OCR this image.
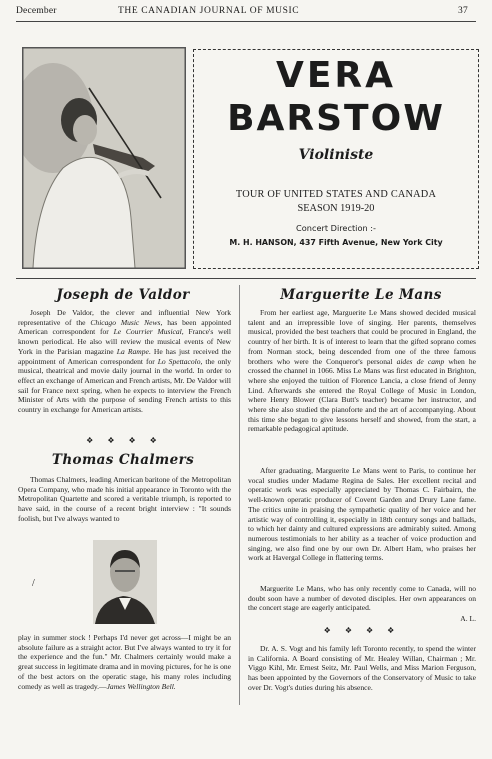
December	THE CANADIAN JOURNAL OF MUSIC	37
VERA
BARSTOW
Violiniste
TOUR OF UNITED STATES AND CANADA
SEASON 1919-20
Concert Direction :-
M. H. HANSON, 437 Fifth Avenue, New York City
Joseph de Valdor
Joseph De Valdor, the clever and influential New York representative of the Chicago Music News, has been appointed American correspondent for Le Courrier Musical, France's well known periodical. He also will review the musical events of New York in the Parisian magazine La Rampe. He has just received the appointment of American correspondent for Lo Spettacolo, the only musical, theatrical and movie daily journal in the world. In order to effect an exchange of American and French artists, Mr. De Valdor will sail for France next spring, when he expects to interview the French Minister of Arts with the purpose of sending French artists to this country in exchange for American artists.
❖ ❖ ❖ ❖
Thomas Chalmers
Thomas Chalmers, leading American baritone of the Metropolitan Opera Company, who made his initial appearance in Toronto with the Metropolitan Quartette and scored a veritable triumph, is reported to have said, in the course of a recent bright interview : "It sounds foolish, but I've always wanted to
/
play in summer stock ! Perhaps I'd never get across—I might be an absolute failure as a straight actor. But I've always wanted to try it for the experience and the fun." Mr. Chalmers certainly would make a great success in legitimate drama and in moving pictures, for he is one of the best actors on the operatic stage, his many roles including comedy as well as tragedy.—James Wellington Bell.
Marguerite Le Mans
From her earliest age, Marguerite Le Mans showed decided musical talent and an irrepressible love of singing. Her parents, themselves musical, provided the best teachers that could be procured in England, the country of her birth. It is of interest to learn that the gifted soprano comes from Norman stock, being descended from one of the three famous brothers who were the Conqueror's personal aides de camp when he crossed the channel in 1066. Miss Le Mans was first educated in Brighton, where she enjoyed the tuition of Florence Lancia, a close friend of Jenny Lind. Afterwards she entered the Royal College of Music in London, where Henry Blower (Clara Butt's teacher) became her instructor, and where she also studied the pianoforte and the art of accompanying. About this time she began to give lessons herself and showed, from the start, a remarkable pedagogical aptitude.
After graduating, Marguerite Le Mans went to Paris, to continue her vocal studies under Madame Regina de Sales. Her excellent recital and operatic work was especially appreciated by Thomas C. Fairbairn, the well-known operatic producer of Covent Garden and Drury Lane fame. The critics unite in praising the sympathetic quality of her voice and her artistic way of controlling it, especially in 18th century songs and ballads, to which her dainty and cultured expressions are admirably suited. Among numerous testimonials to her ability as a teacher of voice production and singing, we also find one by our own Dr. Albert Ham, who praises her work at Havergal College in flattering terms.
Marguerite Le Mans, who has only recently come to Canada, will no doubt soon have a number of devoted disciples. Her own appearances on the concert stage are eagerly anticipated.
A. L.
❖ ❖ ❖ ❖
Dr. A. S. Vogt and his family left Toronto recently, to spend the winter in California. A Board consisting of Mr. Healey Willan, Chairman ; Mr. Viggo Kihl, Mr. Ernest Seitz, Mr. Paul Wells, and Miss Marion Ferguson, has been appointed by the Governors of the Conservatory of Music to take over Dr. Vogt's duties during his absence.
